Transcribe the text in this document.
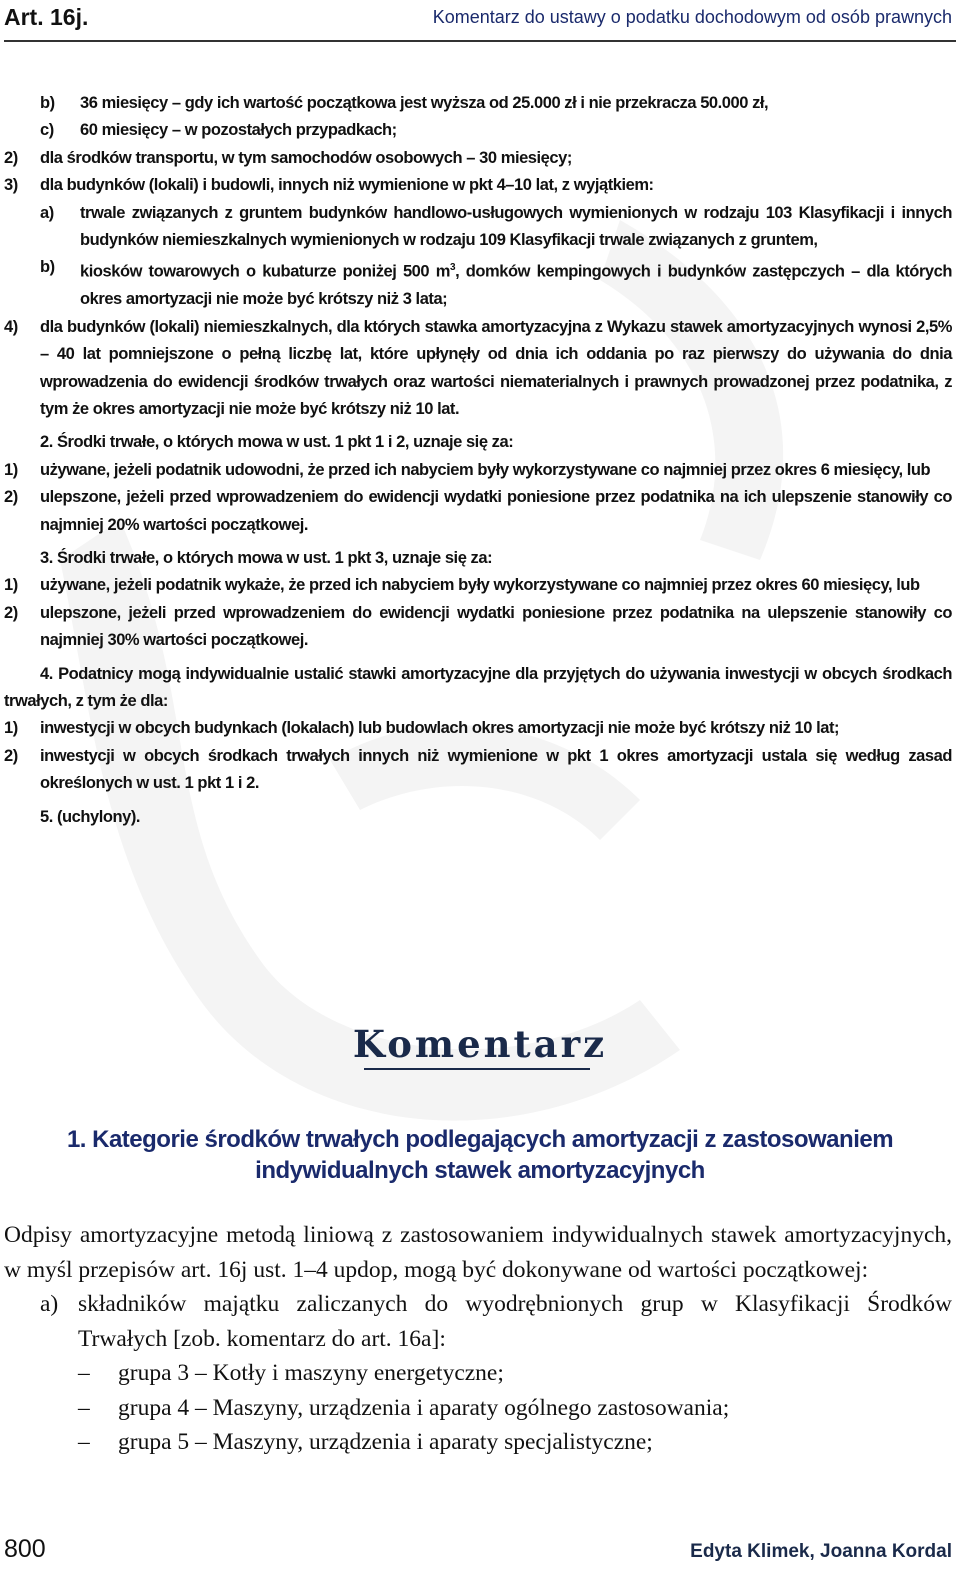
Art. 16j.	Komentarz do ustawy o podatku dochodowym od osób prawnych
b)	36 miesięcy – gdy ich wartość początkowa jest wyższa od 25.000 zł i nie przekracza 50.000 zł,
c)	60 miesięcy – w pozostałych przypadkach;
2)	dla środków transportu, w tym samochodów osobowych – 30 miesięcy;
3)	dla budynków (lokali) i budowli, innych niż wymienione w pkt 4–10 lat, z wyjątkiem:
a)	trwale związanych z gruntem budynków handlowo-usługowych wymienionych w rodzaju 103 Klasyfikacji i innych budynków niemieszkalnych wymienionych w rodzaju 109 Klasyfikacji trwale związanych z gruntem,
b)	kiosków towarowych o kubaturze poniżej 500 $m^3$, domków kempingowych i budynków zastępczych – dla których okres amortyzacji nie może być krótszy niż 3 lata;
4)	dla budynków (lokali) niemieszkalnych, dla których stawka amortyzacyjna z Wykazu stawek amortyzacyjnych wynosi 2,5% – 40 lat pomniejszone o pełną liczbę lat, które upłynęły od dnia ich oddania po raz pierwszy do używania do dnia wprowadzenia do ewidencji środków trwałych oraz wartości niematerialnych i prawnych prowadzonej przez podatnika, z tym że okres amortyzacji nie może być krótszy niż 10 lat.
2. Środki trwałe, o których mowa w ust. 1 pkt 1 i 2, uznaje się za:
1)	używane, jeżeli podatnik udowodni, że przed ich nabyciem były wykorzystywane co najmniej przez okres 6 miesięcy, lub
2)	ulepszone, jeżeli przed wprowadzeniem do ewidencji wydatki poniesione przez podatnika na ich ulepszenie stanowiły co najmniej 20% wartości początkowej.
3. Środki trwałe, o których mowa w ust. 1 pkt 3, uznaje się za:
1)	używane, jeżeli podatnik wykaże, że przed ich nabyciem były wykorzystywane co najmniej przez okres 60 miesięcy, lub
2)	ulepszone, jeżeli przed wprowadzeniem do ewidencji wydatki poniesione przez podatnika na ulepszenie stanowiły co najmniej 30% wartości początkowej.
4. Podatnicy mogą indywidualnie ustalić stawki amortyzacyjne dla przyjętych do używania inwestycji w obcych środkach trwałych, z tym że dla:
1)	inwestycji w obcych budynkach (lokalach) lub budowlach okres amortyzacji nie może być krótszy niż 10 lat;
2)	inwestycji w obcych środkach trwałych innych niż wymienione w pkt 1 okres amortyzacji ustala się według zasad określonych w ust. 1 pkt 1 i 2.
5. (uchylony).
Komentarz
1. Kategorie środków trwałych podlegających amortyzacji z zastosowaniem
indywidualnych stawek amortyzacyjnych

Odpisy amortyzacyjne metodą liniową z zastosowaniem indywidualnych stawek amortyzacyjnych, w myśl przepisów art. 16j ust. 1–4 updop, mogą być dokonywane od wartości początkowej:

a) składników majątku zaliczanych do wyodrębnionych grup w Klasyfikacji Środków Trwałych [zob. komentarz do art. 16a]:
–	grupa 3 – Kotły i maszyny energetyczne;
–	grupa 4 – Maszyny, urządzenia i aparaty ogólnego zastosowania;
–	grupa 5 – Maszyny, urządzenia i aparaty specjalistyczne;
800	Edyta Klimek, Joanna Kordal
